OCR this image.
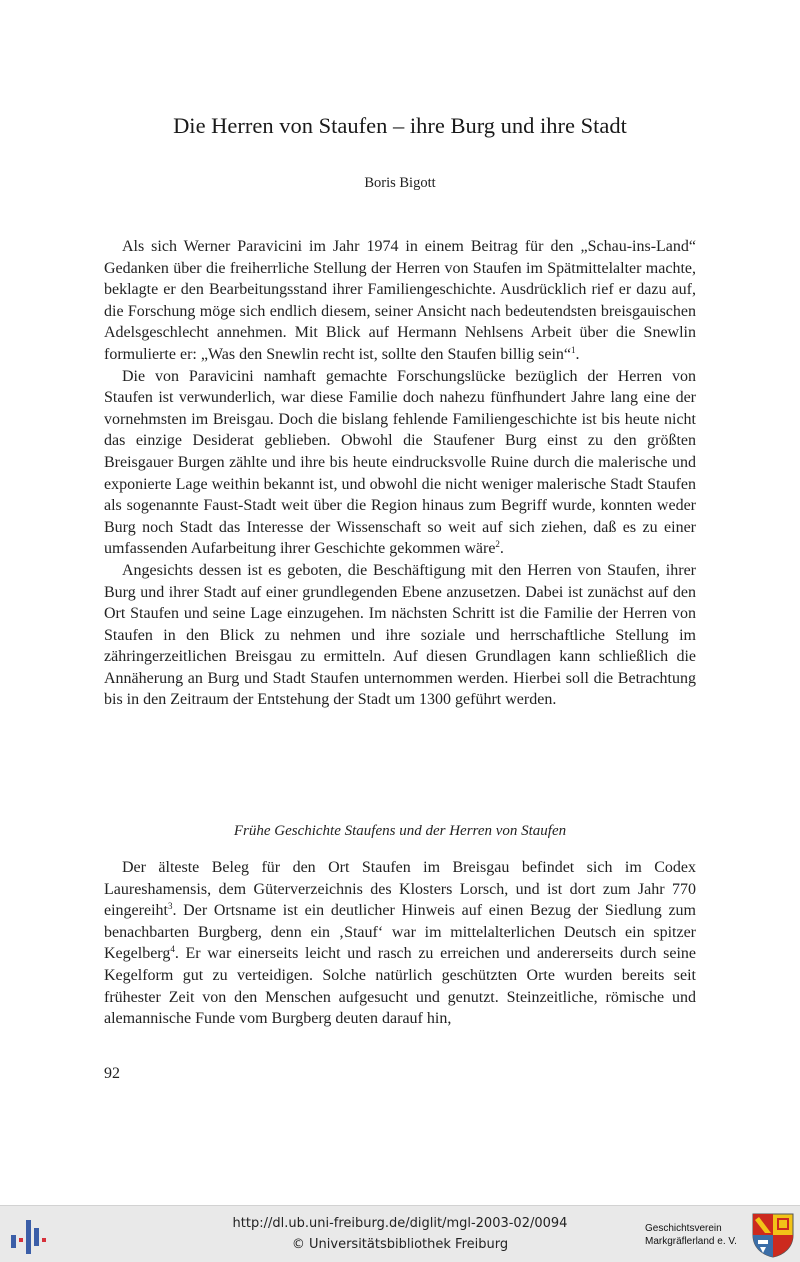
Die Herren von Staufen – ihre Burg und ihre Stadt
Boris Bigott

Als sich Werner Paravicini im Jahr 1974 in einem Beitrag für den „Schau-ins-Land“ Gedanken über die freiherrliche Stellung der Herren von Staufen im Spätmittelalter machte, beklagte er den Bearbeitungsstand ihrer Familiengeschichte. Ausdrücklich rief er dazu auf, die Forschung möge sich endlich diesem, seiner Ansicht nach bedeutendsten breisgauischen Adelsgeschlecht annehmen. Mit Blick auf Hermann Nehlsens Arbeit über die Snewlin formulierte er: „Was den Snewlin recht ist, sollte den Staufen billig sein“$^1$.

Die von Paravicini namhaft gemachte Forschungslücke bezüglich der Herren von Staufen ist verwunderlich, war diese Familie doch nahezu fünfhundert Jahre lang eine der vornehmsten im Breisgau. Doch die bislang fehlende Familiengeschichte ist bis heute nicht das einzige Desiderat geblieben. Obwohl die Staufener Burg einst zu den größten Breisgauer Burgen zählte und ihre bis heute eindrucksvolle Ruine durch die malerische und exponierte Lage weithin bekannt ist, und obwohl die nicht weniger malerische Stadt Staufen als sogenannte Faust-Stadt weit über die Region hinaus zum Begriff wurde, konnten weder Burg noch Stadt das Interesse der Wissenschaft so weit auf sich ziehen, daß es zu einer umfassenden Aufarbeitung ihrer Geschichte gekommen wäre$^2$.

Angesichts dessen ist es geboten, die Beschäftigung mit den Herren von Staufen, ihrer Burg und ihrer Stadt auf einer grundlegenden Ebene anzusetzen. Dabei ist zunächst auf den Ort Staufen und seine Lage einzugehen. Im nächsten Schritt ist die Familie der Herren von Staufen in den Blick zu nehmen und ihre soziale und herrschaftliche Stellung im zähringerzeitlichen Breisgau zu ermitteln. Auf diesen Grundlagen kann schließlich die Annäherung an Burg und Stadt Staufen unternommen werden. Hierbei soll die Betrachtung bis in den Zeitraum der Entstehung der Stadt um 1300 geführt werden.

Frühe Geschichte Staufens und der Herren von Staufen

Der älteste Beleg für den Ort Staufen im Breisgau befindet sich im Codex Laureshamensis, dem Güterverzeichnis des Klosters Lorsch, und ist dort zum Jahr 770 eingereiht$^3$. Der Ortsname ist ein deutlicher Hinweis auf einen Bezug der Siedlung zum benachbarten Burgberg, denn ein ‚Stauf‘ war im mittelalterlichen Deutsch ein spitzer Kegelberg$^4$. Er war einerseits leicht und rasch zu erreichen und andererseits durch seine Kegelform gut zu verteidigen. Solche natürlich geschützten Orte wurden bereits seit frühester Zeit von den Menschen aufgesucht und genutzt. Steinzeitliche, römische und alemannische Funde vom Burgberg deuten darauf hin,

92
http://dl.ub.uni-freiburg.de/diglit/mgl-2003-02/0094
© Universitätsbibliothek Freiburg
Geschichtsverein
Markgräflerland e. V.
